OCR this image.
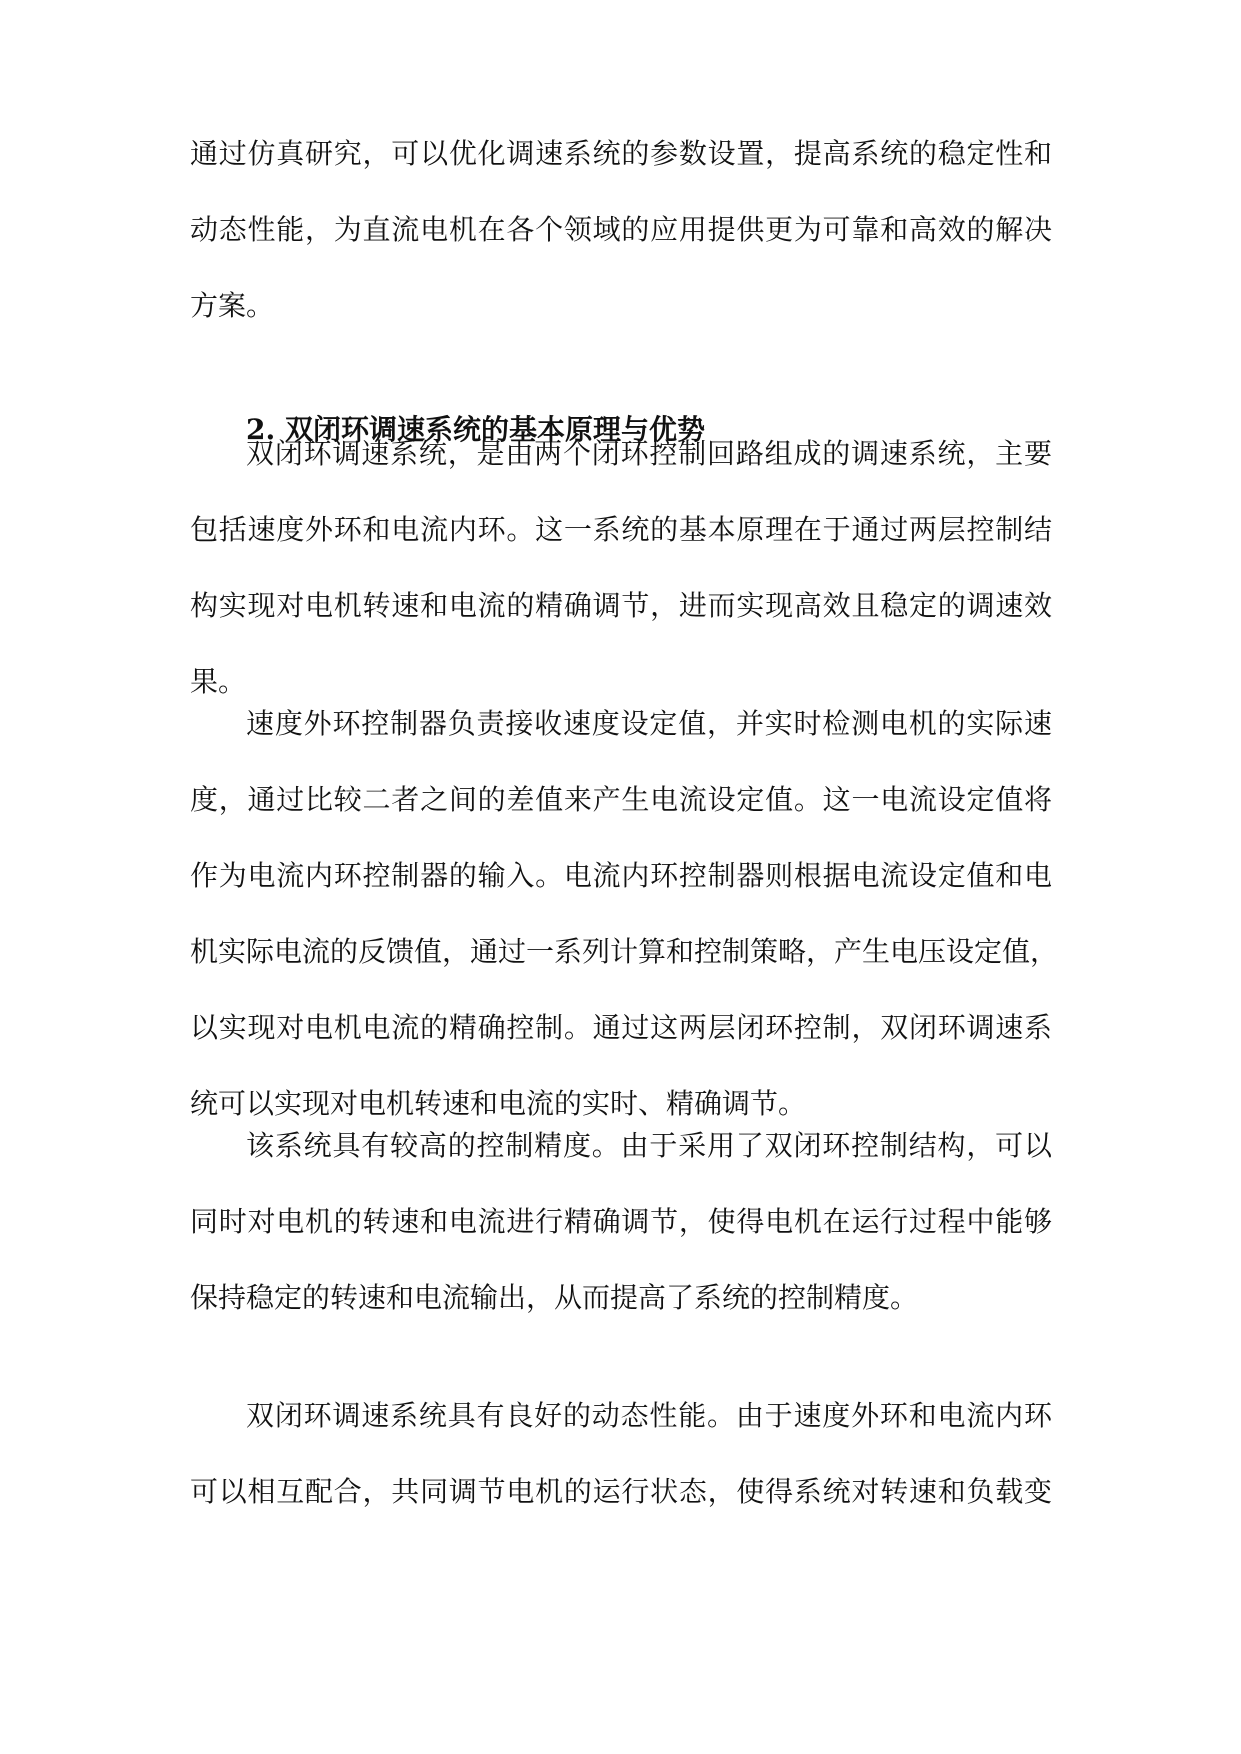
通过仿真研究，可以优化调速系统的参数设置，提高系统的稳定性和
动态性能，为直流电机在各个领域的应用提供更为可靠和高效的解决
方案。
2. 双闭环调速系统的基本原理与优势
双闭环调速系统，是由两个闭环控制回路组成的调速系统，主要
包括速度外环和电流内环。这一系统的基本原理在于通过两层控制结
构实现对电机转速和电流的精确调节，进而实现高效且稳定的调速效
果。
速度外环控制器负责接收速度设定值，并实时检测电机的实际速
度，通过比较二者之间的差值来产生电流设定值。这一电流设定值将
作为电流内环控制器的输入。电流内环控制器则根据电流设定值和电
机实际电流的反馈值，通过一系列计算和控制策略，产生电压设定值，
以实现对电机电流的精确控制。通过这两层闭环控制，双闭环调速系
统可以实现对电机转速和电流的实时、精确调节。
该系统具有较高的控制精度。由于采用了双闭环控制结构，可以
同时对电机的转速和电流进行精确调节，使得电机在运行过程中能够
保持稳定的转速和电流输出，从而提高了系统的控制精度。
双闭环调速系统具有良好的动态性能。由于速度外环和电流内环
可以相互配合，共同调节电机的运行状态，使得系统对转速和负载变
